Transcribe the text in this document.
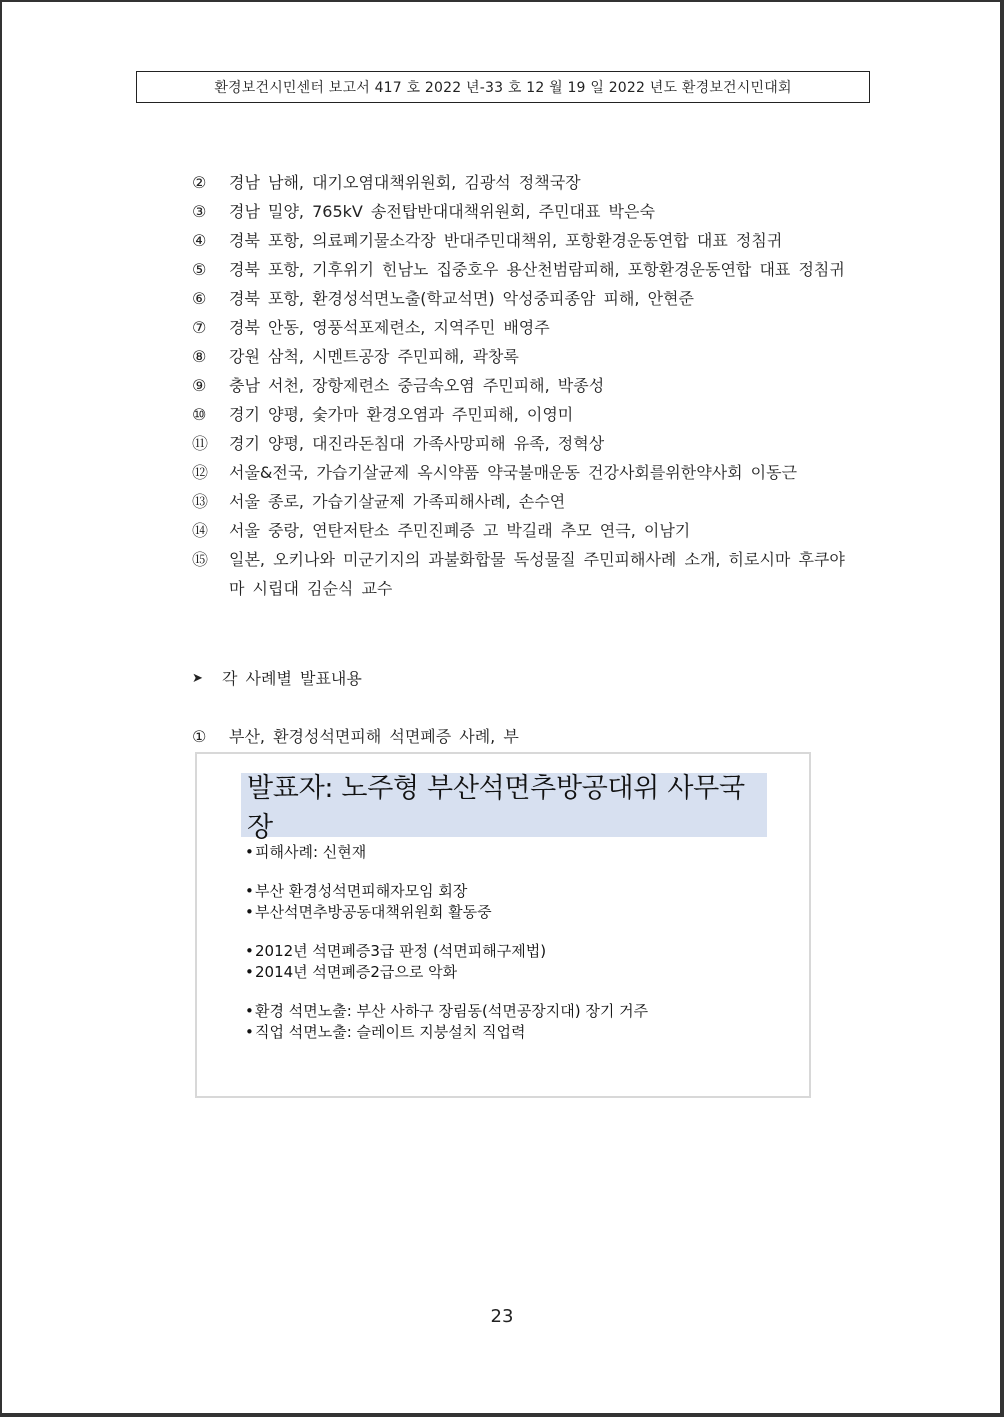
환경보건시민센터 보고서 417 호 2022 년-33 호 12 월 19 일 2022 년도 환경보건시민대회
②	경남 남해, 대기오염대책위원회, 김광석 정책국장
③	경남 밀양, 765kV 송전탑반대대책위원회, 주민대표 박은숙
④	경북 포항, 의료폐기물소각장 반대주민대책위, 포항환경운동연합 대표 정침귀
⑤	경북 포항, 기후위기 힌남노 집중호우 용산천범람피해, 포항환경운동연합 대표 정침귀
⑥	경북 포항, 환경성석면노출(학교석면) 악성중피종암 피해, 안현준
⑦	경북 안동, 영풍석포제련소, 지역주민 배영주
⑧	강원 삼척, 시멘트공장 주민피해, 곽창록
⑨	충남 서천, 장항제련소 중금속오염 주민피해, 박종성
⑩	경기 양평, 숯가마 환경오염과 주민피해, 이영미
⑪	경기 양평, 대진라돈침대 가족사망피해 유족, 정혁상
⑫	서울&전국, 가습기살균제 옥시약품 약국불매운동 건강사회를위한약사회 이동근
⑬	서울 종로, 가습기살균제 가족피해사례, 손수연
⑭	서울 중랑, 연탄저탄소 주민진폐증 고 박길래 추모 연극, 이남기
⑮	일본, 오키나와 미군기지의 과불화합물 독성물질 주민피해사례 소개, 히로시마 후쿠야마 시립대 김순식 교수
➤	각 사례별 발표내용
①	부산, 환경성석면피해 석면폐증 사례, 부
발표자: 노주형 부산석면추방공대위 사무국장
• 피해사례: 신현재
• 부산 환경성석면피해자모임 회장
• 부산석면추방공동대책위원회 활동중
• 2012년 석면폐증3급 판정 (석면피해구제법)
• 2014년 석면폐증2급으로 악화
• 환경 석면노출: 부산 사하구 장림동(석면공장지대) 장기 거주
• 직업 석면노출: 슬레이트 지붕설치 직업력
23
